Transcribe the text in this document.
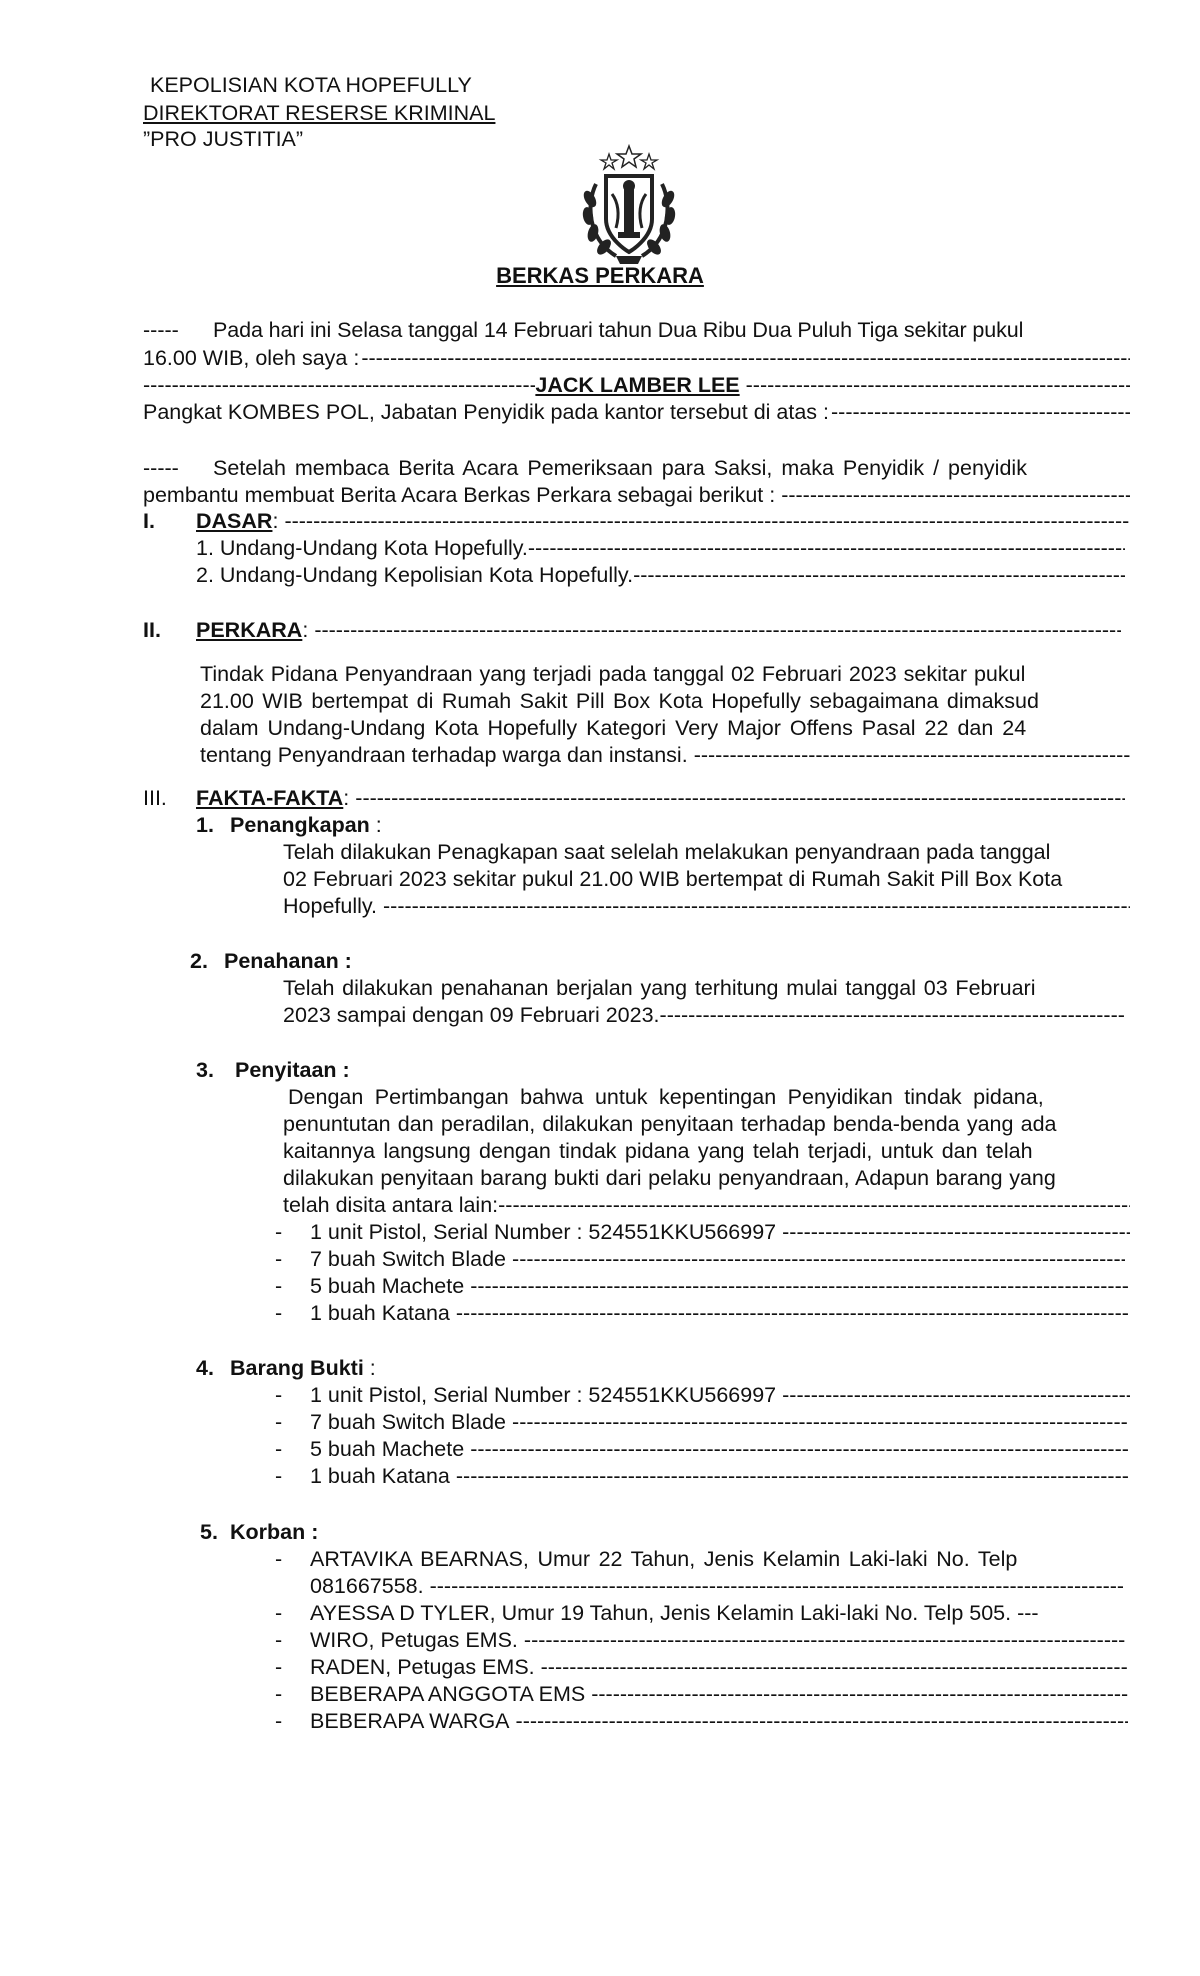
KEPOLISIAN KOTA HOPEFULLY
DIREKTORAT RESERSE KRIMINAL
”PRO JUSTITIA”
BERKAS PERKARA
----- Pada hari ini Selasa tanggal 14 Februari tahun Dua Ribu Dua Puluh Tiga sekitar pukul
16.00 WIB, oleh saya :
-----
-----
JACK LAMBER LEE
-----
Pangkat KOMBES POL, Jabatan Penyidik pada kantor tersebut di atas :
-----
----- Setelah membaca Berita Acara Pemeriksaan para Saksi, maka Penyidik / penyidik
pembantu membuat Berita Acara Berkas Perkara sebagai berikut :
-----
I. DASAR :
-----
1. Undang-Undang Kota Hopefully.
-----
2. Undang-Undang Kepolisian Kota Hopefully.
-----
II. PERKARA :
-----
Tindak Pidana Penyandraan yang terjadi pada tanggal 02 Februari 2023 sekitar pukul
21.00 WIB bertempat di Rumah Sakit Pill Box Kota Hopefully sebagaimana dimaksud
dalam Undang-Undang Kota Hopefully Kategori Very Major Offens Pasal 22 dan 24
tentang Penyandraan terhadap warga dan instansi.
-----
III. FAKTA-FAKTA :
-----
1. Penangkapan :
Telah dilakukan Penagkapan saat selelah melakukan penyandraan pada tanggal
02 Februari 2023 sekitar pukul 21.00 WIB bertempat di Rumah Sakit Pill Box Kota
Hopefully.
-----
2. Penahanan :
Telah dilakukan penahanan berjalan yang terhitung mulai tanggal 03 Februari
2023 sampai dengan 09 Februari 2023.
-----
3. Penyitaan :
Dengan Pertimbangan bahwa untuk kepentingan Penyidikan tindak pidana,
penuntutan dan peradilan, dilakukan penyitaan terhadap benda-benda yang ada
kaitannya langsung dengan tindak pidana yang telah terjadi, untuk dan telah
dilakukan penyitaan barang bukti dari pelaku penyandraan, Adapun barang yang
telah disita antara lain:
-----
- 1 unit Pistol, Serial Number : 524551KKU566997
-----
- 7 buah Switch Blade
-----
- 5 buah Machete
-----
- 1 buah Katana
-----
4. Barang Bukti :
- 1 unit Pistol, Serial Number : 524551KKU566997
-----
- 7 buah Switch Blade
-----
- 5 buah Machete
-----
- 1 buah Katana
-----
5. Korban :
- ARTAVIKA BEARNAS, Umur 22 Tahun, Jenis Kelamin Laki-laki No. Telp
081667558.
-----
- AYESSA D TYLER, Umur 19 Tahun, Jenis Kelamin Laki-laki No. Telp 505. ---
- WIRO, Petugas EMS.
-----
- RADEN, Petugas EMS.
-----
- BEBERAPA ANGGOTA EMS
-----
- BEBERAPA WARGA
-----
